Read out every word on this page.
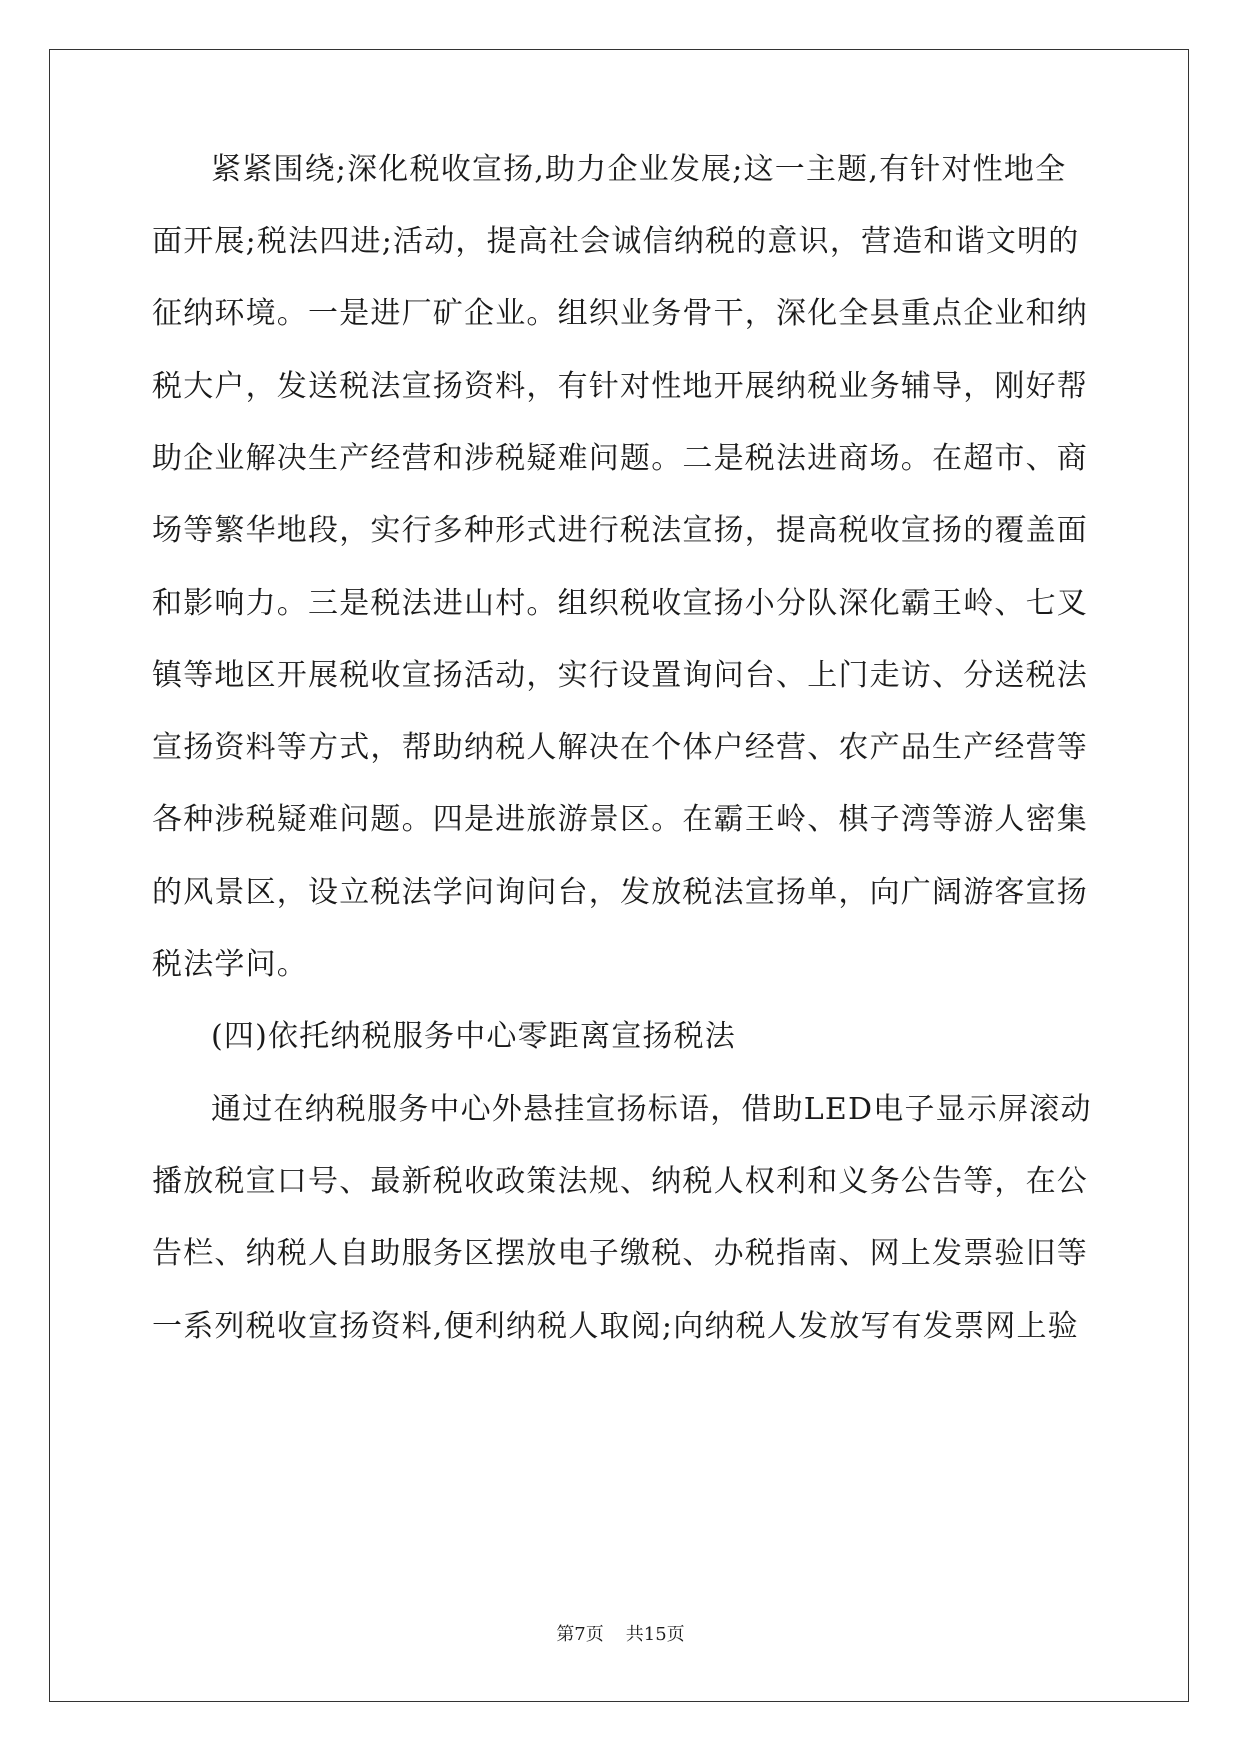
紧紧围绕;深化税收宣扬,助力企业发展;这一主题,有针对性地全
面开展;税法四进;活动，提高社会诚信纳税的意识，营造和谐文明的
征纳环境。一是进厂矿企业。组织业务骨干，深化全县重点企业和纳
税大户，发送税法宣扬资料，有针对性地开展纳税业务辅导，刚好帮
助企业解决生产经营和涉税疑难问题。二是税法进商场。在超市、商
场等繁华地段，实行多种形式进行税法宣扬，提高税收宣扬的覆盖面
和影响力。三是税法进山村。组织税收宣扬小分队深化霸王岭、七叉
镇等地区开展税收宣扬活动，实行设置询问台、上门走访、分送税法
宣扬资料等方式，帮助纳税人解决在个体户经营、农产品生产经营等
各种涉税疑难问题。四是进旅游景区。在霸王岭、棋子湾等游人密集
的风景区，设立税法学问询问台，发放税法宣扬单，向广阔游客宣扬
税法学问。
(四)依托纳税服务中心零距离宣扬税法
通过在纳税服务中心外悬挂宣扬标语，借助LED电子显示屏滚动
播放税宣口号、最新税收政策法规、纳税人权利和义务公告等，在公
告栏、纳税人自助服务区摆放电子缴税、办税指南、网上发票验旧等
一系列税收宣扬资料,便利纳税人取阅;向纳税人发放写有发票网上验
第7页 共15页
